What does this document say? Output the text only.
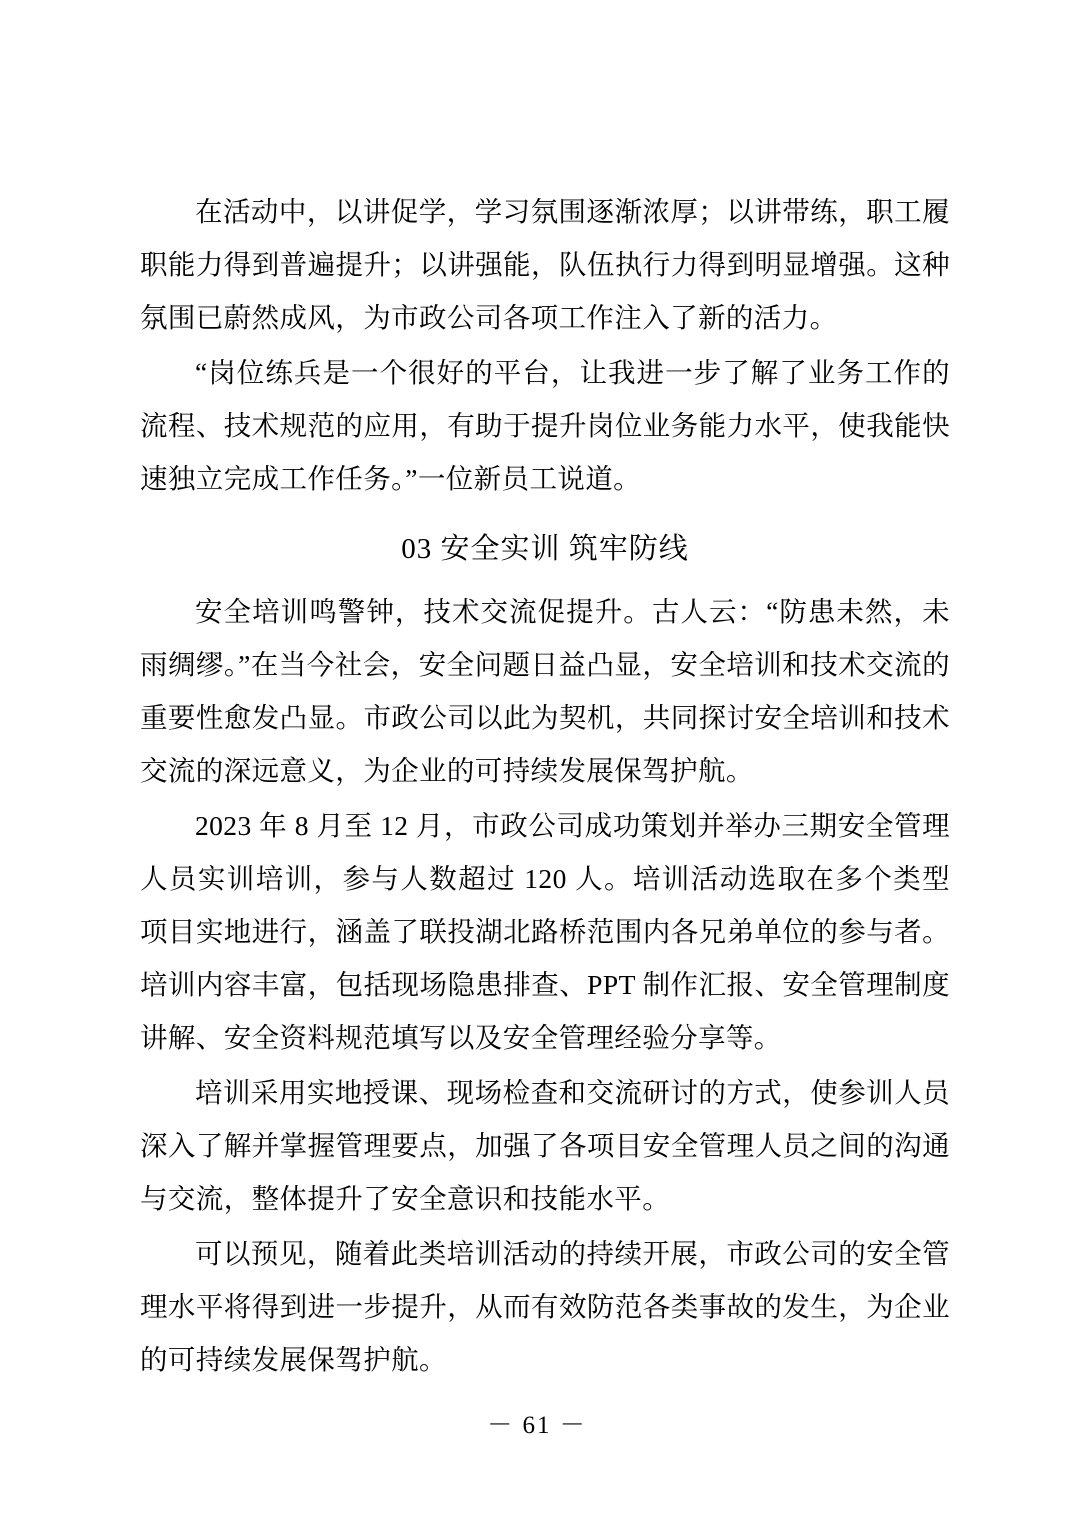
在活动中，以讲促学，学习氛围逐渐浓厚；以讲带练，职工履职能力得到普遍提升；以讲强能，队伍执行力得到明显增强。这种氛围已蔚然成风，为市政公司各项工作注入了新的活力。

“岗位练兵是一个很好的平台，让我进一步了解了业务工作的流程、技术规范的应用，有助于提升岗位业务能力水平，使我能快速独立完成工作任务。”一位新员工说道。

03 安全实训 筑牢防线

安全培训鸣警钟，技术交流促提升。古人云：“防患未然，未雨绸缪。”在当今社会，安全问题日益凸显，安全培训和技术交流的重要性愈发凸显。市政公司以此为契机，共同探讨安全培训和技术交流的深远意义，为企业的可持续发展保驾护航。

2023 年 8 月至 12 月，市政公司成功策划并举办三期安全管理人员实训培训，参与人数超过 120 人。培训活动选取在多个类型项目实地进行，涵盖了联投湖北路桥范围内各兄弟单位的参与者。培训内容丰富，包括现场隐患排查、PPT 制作汇报、安全管理制度讲解、安全资料规范填写以及安全管理经验分享等。

培训采用实地授课、现场检查和交流研讨的方式，使参训人员深入了解并掌握管理要点，加强了各项目安全管理人员之间的沟通与交流，整体提升了安全意识和技能水平。

可以预见，随着此类培训活动的持续开展，市政公司的安全管理水平将得到进一步提升，从而有效防范各类事故的发生，为企业的可持续发展保驾护航。

－ 61 －
